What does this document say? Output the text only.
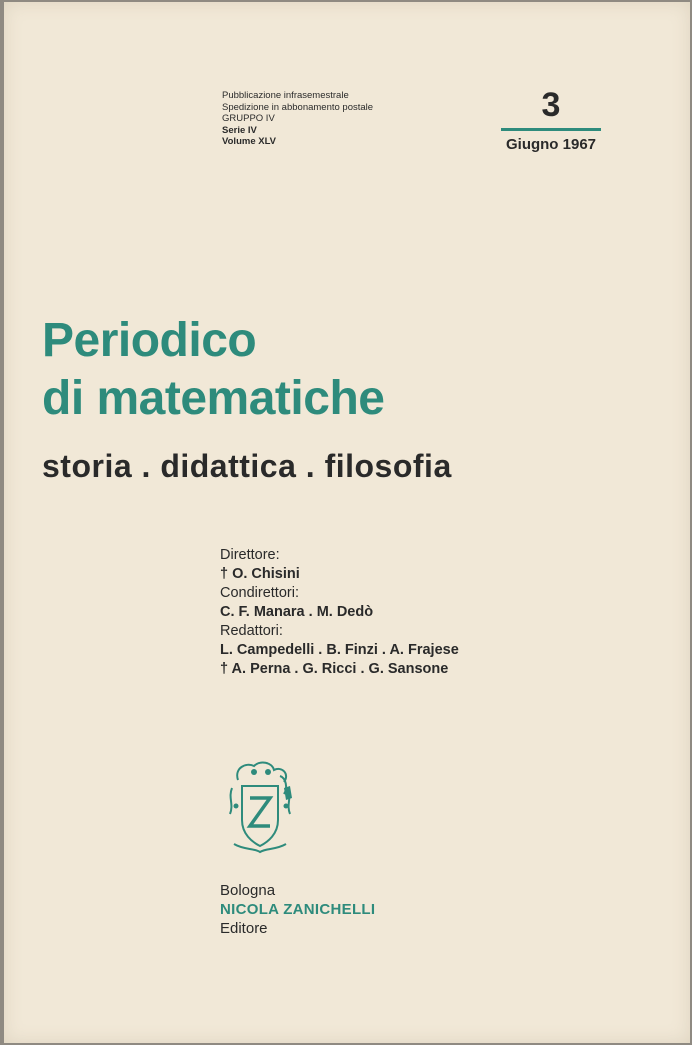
Pubblicazione infrasemestrale
Spedizione in abbonamento postale
GRUPPO IV
Serie IV
Volume XLV
3
Giugno 1967
Periodico
di matematiche
storia . didattica . filosofia
Direttore:
† O. Chisini
Condirettori:
C. F. Manara . M. Dedò
Redattori:
L. Campedelli . B. Finzi . A. Frajese
† A. Perna . G. Ricci . G. Sansone
Bologna
NICOLA ZANICHELLI
Editore
